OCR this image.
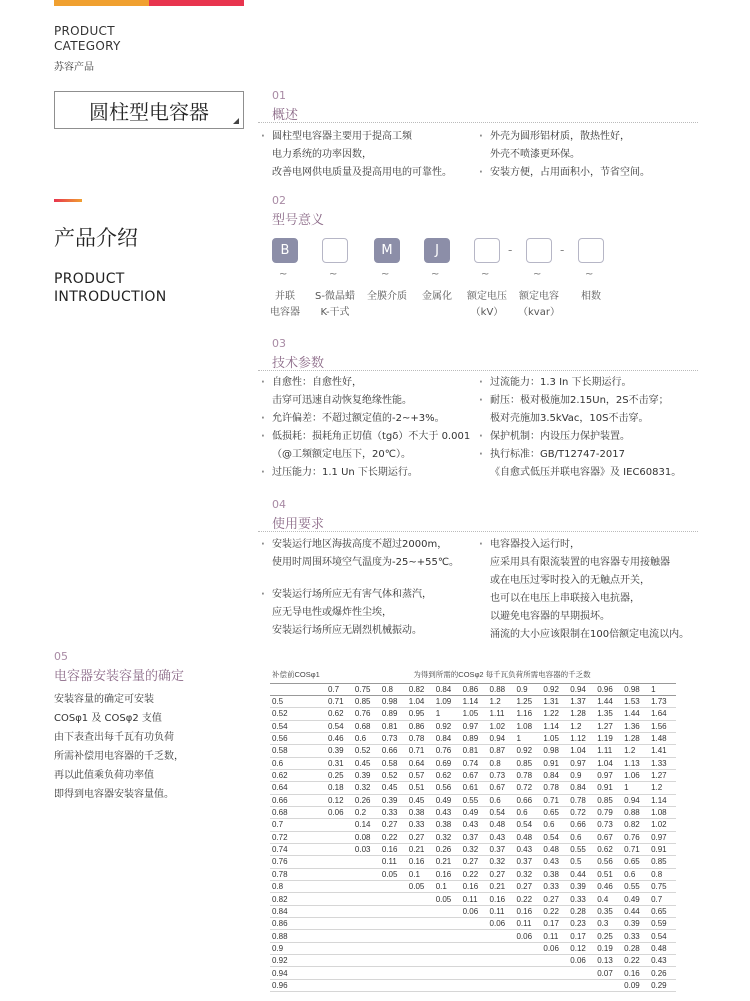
PRODUCT
CATEGORY
苏容产品
圆柱型电容器
产品介绍
PRODUCT
INTRODUCTION
01
概述
· 圆柱型电容器主要用于提高工频
电力系统的功率因数，
改善电网供电质量及提高用电的可靠性。
· 外壳为圆形铝材质，散热性好，
外壳不喷漆更环保。
· 安装方便，占用面积小，节省空间。
02
型号意义
B	M	J	-	-
~	~	~	~	~	~	~
并联
电容器
S-微晶蜡
K-干式
全膜介质	金属化	额定电压
（kV）
额定电容
（kvar）
相数
03
技术参数
· 自愈性：自愈性好，
击穿可迅速自动恢复绝缘性能。
· 允许偏差：不超过额定值的-2~+3%。
· 低损耗：损耗角正切值（tgδ）不大于 0.001
（@工频额定电压下，20℃）。
· 过压能力：1.1 Un 下长期运行。
· 过流能力：1.3 In 下长期运行。
· 耐压：极对极施加2.15Un，2S不击穿；
极对壳施加3.5kVac，10S不击穿。
· 保护机制：内设压力保护装置。
· 执行标准：GB/T12747-2017
《自愈式低压并联电容器》及 IEC60831。
04
使用要求
· 安装运行地区海拔高度不超过2000m，
使用时周围环境空气温度为-25~+55℃。
· 安装运行场所应无有害气体和蒸汽，
应无导电性或爆炸性尘埃，
安装运行场所应无剧烈机械振动。
· 电容器投入运行时，
应采用具有限流装置的电容器专用接触器
或在电压过零时投入的无触点开关，
也可以在电压上串联接入电抗器，
以避免电容器的早期损坏。
涌流的大小应该限制在100倍额定电流以内。
05
电容器安装容量的确定
安装容量的确定可安装
COSφ1 及 COSφ2 支值
由下表查出每千瓦有功负荷
所需补偿用电容器的千乏数，
再以此值乘负荷功率值
即得到电容器安装容量值。
补偿前COSφ1	为得到所需的COSφ2 每千瓦负荷所需电容器的千乏数												
	0.7	0.75	0.8	0.82	0.84	0.86	0.88	0.9	0.92	0.94	0.96	0.98	1
0.5	0.71	0.85	0.98	1.04	1.09	1.14	1.2	1.25	1.31	1.37	1.44	1.53	1.73
0.52	0.62	0.76	0.89	0.95	1	1.05	1.11	1.16	1.22	1.28	1.35	1.44	1.64
0.54	0.54	0.68	0.81	0.86	0.92	0.97	1.02	1.08	1.14	1.2	1.27	1.36	1.56
0.56	0.46	0.6	0.73	0.78	0.84	0.89	0.94	1	1.05	1.12	1.19	1.28	1.48
0.58	0.39	0.52	0.66	0.71	0.76	0.81	0.87	0.92	0.98	1.04	1.11	1.2	1.41
0.6	0.31	0.45	0.58	0.64	0.69	0.74	0.8	0.85	0.91	0.97	1.04	1.13	1.33
0.62	0.25	0.39	0.52	0.57	0.62	0.67	0.73	0.78	0.84	0.9	0.97	1.06	1.27
0.64	0.18	0.32	0.45	0.51	0.56	0.61	0.67	0.72	0.78	0.84	0.91	1	1.2
0.66	0.12	0.26	0.39	0.45	0.49	0.55	0.6	0.66	0.71	0.78	0.85	0.94	1.14
0.68	0.06	0.2	0.33	0.38	0.43	0.49	0.54	0.6	0.65	0.72	0.79	0.88	1.08
0.7		0.14	0.27	0.33	0.38	0.43	0.48	0.54	0.6	0.66	0.73	0.82	1.02
0.72		0.08	0.22	0.27	0.32	0.37	0.43	0.48	0.54	0.6	0.67	0.76	0.97
0.74		0.03	0.16	0.21	0.26	0.32	0.37	0.43	0.48	0.55	0.62	0.71	0.91
0.76			0.11	0.16	0.21	0.27	0.32	0.37	0.43	0.5	0.56	0.65	0.85
0.78			0.05	0.1	0.16	0.22	0.27	0.32	0.38	0.44	0.51	0.6	0.8
0.8				0.05	0.1	0.16	0.21	0.27	0.33	0.39	0.46	0.55	0.75
0.82					0.05	0.11	0.16	0.22	0.27	0.33	0.4	0.49	0.7
0.84						0.06	0.11	0.16	0.22	0.28	0.35	0.44	0.65
0.86							0.06	0.11	0.17	0.23	0.3	0.39	0.59
0.88								0.06	0.11	0.17	0.25	0.33	0.54
0.9									0.06	0.12	0.19	0.28	0.48
0.92										0.06	0.13	0.22	0.43
0.94											0.07	0.16	0.26
0.96												0.09	0.29
